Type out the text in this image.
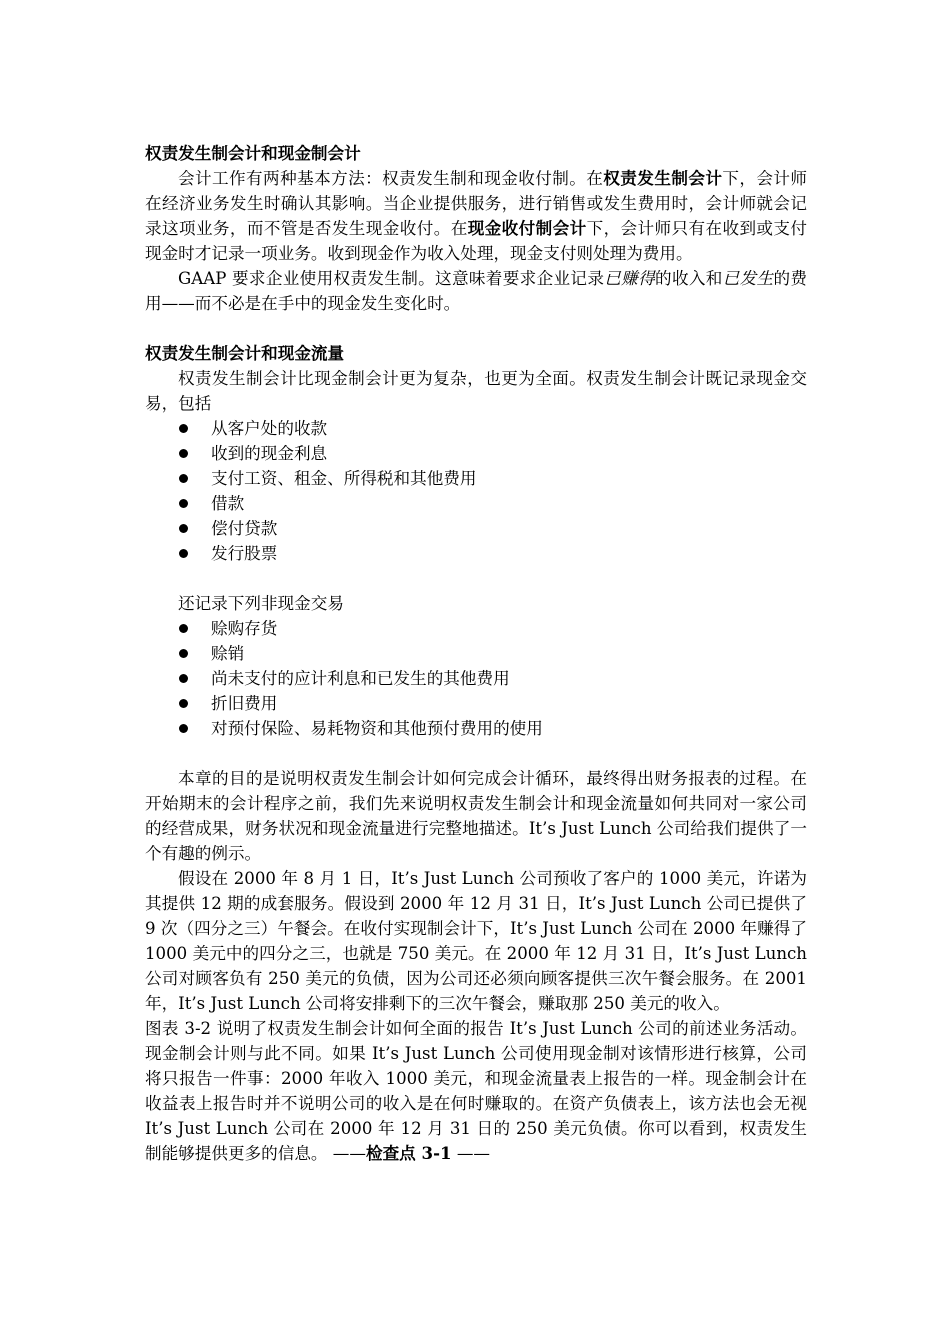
权责发生制会计和现金制会计

会计工作有两种基本方法：权责发生制和现金收付制。在权责发生制会计下，会计师在经济业务发生时确认其影响。当企业提供服务，进行销售或发生费用时，会计师就会记录这项业务，而不管是否发生现金收付。在现金收付制会计下，会计师只有在收到或支付现金时才记录一项业务。收到现金作为收入处理，现金支付则处理为费用。

GAAP 要求企业使用权责发生制。这意味着要求企业记录已赚得的收入和已发生的费用——而不必是在手中的现金发生变化时。

权责发生制会计和现金流量

权责发生制会计比现金制会计更为复杂，也更为全面。权责发生制会计既记录现金交易，包括

从客户处的收款
收到的现金利息
支付工资、租金、所得税和其他费用
借款
偿付贷款
发行股票

还记录下列非现金交易

赊购存货
赊销
尚未支付的应计利息和已发生的其他费用
折旧费用
对预付保险、易耗物资和其他预付费用的使用

本章的目的是说明权责发生制会计如何完成会计循环，最终得出财务报表的过程。在开始期末的会计程序之前，我们先来说明权责发生制会计和现金流量如何共同对一家公司的经营成果，财务状况和现金流量进行完整地描述。It’s Just Lunch 公司给我们提供了一个有趣的例示。

假设在 2000 年 8 月 1 日，It’s Just Lunch 公司预收了客户的 1000 美元，许诺为其提供 12 期的成套服务。假设到 2000 年 12 月 31 日，It’s Just Lunch 公司已提供了 9 次（四分之三）午餐会。在收付实现制会计下，It’s Just Lunch 公司在 2000 年赚得了 1000 美元中的四分之三，也就是 750 美元。在 2000 年 12 月 31 日，It’s Just Lunch 公司对顾客负有 250 美元的负债，因为公司还必须向顾客提供三次午餐会服务。在 2001 年，It’s Just Lunch 公司将安排剩下的三次午餐会，赚取那 250 美元的收入。

图表 3-2 说明了权责发生制会计如何全面的报告 It’s Just Lunch 公司的前述业务活动。现金制会计则与此不同。如果 It’s Just Lunch 公司使用现金制对该情形进行核算，公司将只报告一件事：2000 年收入 1000 美元，和现金流量表上报告的一样。现金制会计在收益表上报告时并不说明公司的收入是在何时赚取的。在资产负债表上，该方法也会无视 It’s Just Lunch 公司在 2000 年 12 月 31 日的 250 美元负债。你可以看到，权责发生制能够提供更多的信息。 ——检查点 3-1 ——
